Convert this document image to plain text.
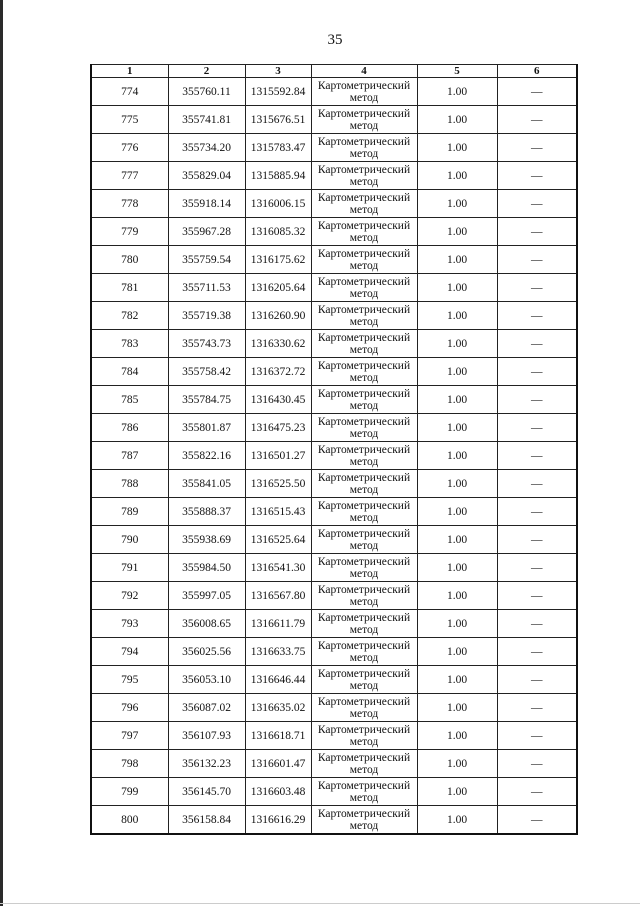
35
1	2	3	4	5	6
774	355760.11	1315592.84	Картометрический метод	1.00	—
775	355741.81	1315676.51	Картометрический метод	1.00	—
776	355734.20	1315783.47	Картометрический метод	1.00	—
777	355829.04	1315885.94	Картометрический метод	1.00	—
778	355918.14	1316006.15	Картометрический метод	1.00	—
779	355967.28	1316085.32	Картометрический метод	1.00	—
780	355759.54	1316175.62	Картометрический метод	1.00	—
781	355711.53	1316205.64	Картометрический метод	1.00	—
782	355719.38	1316260.90	Картометрический метод	1.00	—
783	355743.73	1316330.62	Картометрический метод	1.00	—
784	355758.42	1316372.72	Картометрический метод	1.00	—
785	355784.75	1316430.45	Картометрический метод	1.00	—
786	355801.87	1316475.23	Картометрический метод	1.00	—
787	355822.16	1316501.27	Картометрический метод	1.00	—
788	355841.05	1316525.50	Картометрический метод	1.00	—
789	355888.37	1316515.43	Картометрический метод	1.00	—
790	355938.69	1316525.64	Картометрический метод	1.00	—
791	355984.50	1316541.30	Картометрический метод	1.00	—
792	355997.05	1316567.80	Картометрический метод	1.00	—
793	356008.65	1316611.79	Картометрический метод	1.00	—
794	356025.56	1316633.75	Картометрический метод	1.00	—
795	356053.10	1316646.44	Картометрический метод	1.00	—
796	356087.02	1316635.02	Картометрический метод	1.00	—
797	356107.93	1316618.71	Картометрический метод	1.00	—
798	356132.23	1316601.47	Картометрический метод	1.00	—
799	356145.70	1316603.48	Картометрический метод	1.00	—
800	356158.84	1316616.29	Картометрический метод	1.00	—
